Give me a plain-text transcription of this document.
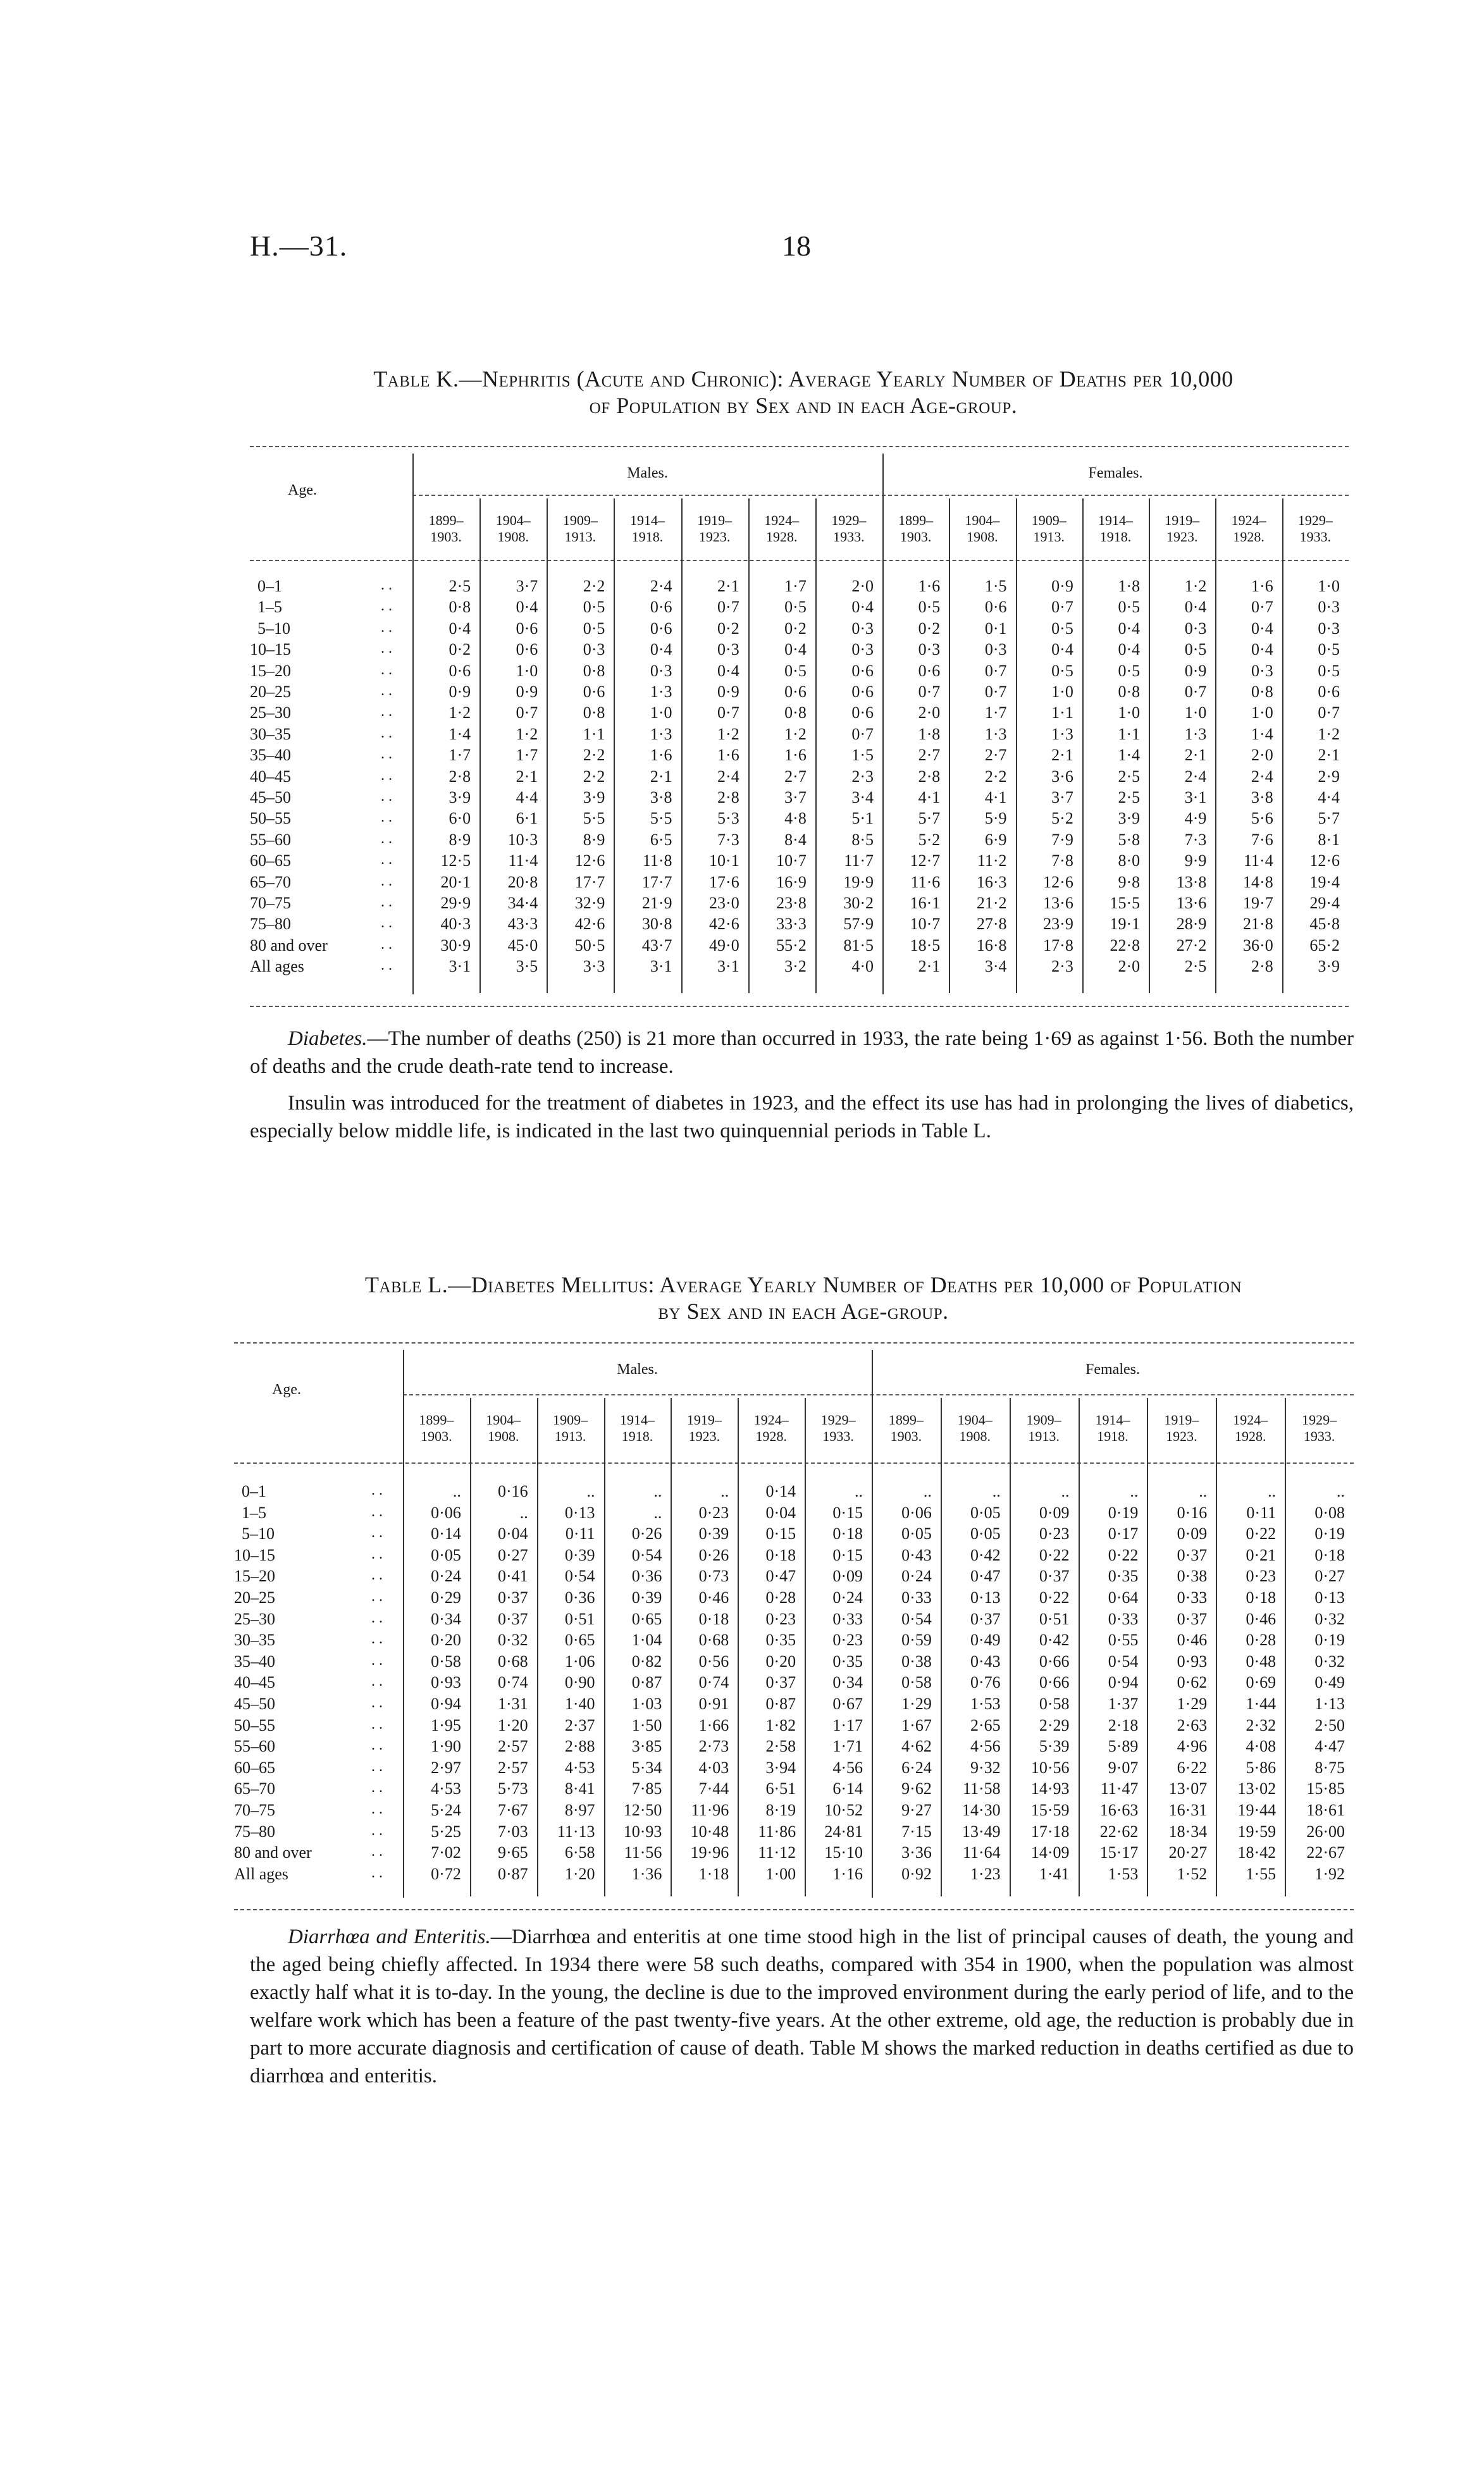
H.—31.	18
Table K.—Nephritis (Acute and Chronic): Average Yearly Number of Deaths per 10,000
of Population by Sex and in each Age-group.
Age.
Males.	Females.
1899–
1903.
1904–
1908.
1909–
1913.
1914–
1918.
1919–
1923.
1924–
1928.
1929–
1933.
1899–
1903.
1904–
1908.
1909–
1913.
1914–
1918.
1919–
1923.
1924–
1928.
1929–
1933.
0–1	. .	2·5	3·7	2·2	2·4	2·1	1·7	2·0	1·6	1·5	0·9	1·8	1·2	1·6	1·0
1–5	. .	0·8	0·4	0·5	0·6	0·7	0·5	0·4	0·5	0·6	0·7	0·5	0·4	0·7	0·3
5–10	. .	0·4	0·6	0·5	0·6	0·2	0·2	0·3	0·2	0·1	0·5	0·4	0·3	0·4	0·3
10–15	. .	0·2	0·6	0·3	0·4	0·3	0·4	0·3	0·3	0·3	0·4	0·4	0·5	0·4	0·5
15–20	. .	0·6	1·0	0·8	0·3	0·4	0·5	0·6	0·6	0·7	0·5	0·5	0·9	0·3	0·5
20–25	. .	0·9	0·9	0·6	1·3	0·9	0·6	0·6	0·7	0·7	1·0	0·8	0·7	0·8	0·6
25–30	. .	1·2	0·7	0·8	1·0	0·7	0·8	0·6	2·0	1·7	1·1	1·0	1·0	1·0	0·7
30–35	. .	1·4	1·2	1·1	1·3	1·2	1·2	0·7	1·8	1·3	1·3	1·1	1·3	1·4	1·2
35–40	. .	1·7	1·7	2·2	1·6	1·6	1·6	1·5	2·7	2·7	2·1	1·4	2·1	2·0	2·1
40–45	. .	2·8	2·1	2·2	2·1	2·4	2·7	2·3	2·8	2·2	3·6	2·5	2·4	2·4	2·9
45–50	. .	3·9	4·4	3·9	3·8	2·8	3·7	3·4	4·1	4·1	3·7	2·5	3·1	3·8	4·4
50–55	. .	6·0	6·1	5·5	5·5	5·3	4·8	5·1	5·7	5·9	5·2	3·9	4·9	5·6	5·7
55–60	. .	8·9	10·3	8·9	6·5	7·3	8·4	8·5	5·2	6·9	7·9	5·8	7·3	7·6	8·1
60–65	. .	12·5	11·4	12·6	11·8	10·1	10·7	11·7	12·7	11·2	7·8	8·0	9·9	11·4	12·6
65–70	. .	20·1	20·8	17·7	17·7	17·6	16·9	19·9	11·6	16·3	12·6	9·8	13·8	14·8	19·4
70–75	. .	29·9	34·4	32·9	21·9	23·0	23·8	30·2	16·1	21·2	13·6	15·5	13·6	19·7	29·4
75–80	. .	40·3	43·3	42·6	30·8	42·6	33·3	57·9	10·7	27·8	23·9	19·1	28·9	21·8	45·8
80 and over	. .	30·9	45·0	50·5	43·7	49·0	55·2	81·5	18·5	16·8	17·8	22·8	27·2	36·0	65·2
All ages	. .	3·1	3·5	3·3	3·1	3·1	3·2	4·0	2·1	3·4	2·3	2·0	2·5	2·8	3·9

Diabetes.—The number of deaths (250) is 21 more than occurred in 1933, the rate being 1·69 as against 1·56. Both the number of deaths and the crude death-rate tend to increase.

Insulin was introduced for the treatment of diabetes in 1923, and the effect its use has had in prolonging the lives of diabetics, especially below middle life, is indicated in the last two quinquennial periods in Table L.

Table L.—Diabetes Mellitus: Average Yearly Number of Deaths per 10,000 of Population
by Sex and in each Age-group.
Age.
Males.	Females.
1899–
1903.
1904–
1908.
1909–
1913.
1914–
1918.
1919–
1923.
1924–
1928.
1929–
1933.
1899–
1903.
1904–
1908.
1909–
1913.
1914–
1918.
1919–
1923.
1924–
1928.
1929–
1933.
0–1	. .	..	0·16	..	..	..	0·14	..	..	..	..	..	..	..	..
1–5	. .	0·06	..	0·13	..	0·23	0·04	0·15	0·06	0·05	0·09	0·19	0·16	0·11	0·08
5–10	. .	0·14	0·04	0·11	0·26	0·39	0·15	0·18	0·05	0·05	0·23	0·17	0·09	0·22	0·19
10–15	. .	0·05	0·27	0·39	0·54	0·26	0·18	0·15	0·43	0·42	0·22	0·22	0·37	0·21	0·18
15–20	. .	0·24	0·41	0·54	0·36	0·73	0·47	0·09	0·24	0·47	0·37	0·35	0·38	0·23	0·27
20–25	. .	0·29	0·37	0·36	0·39	0·46	0·28	0·24	0·33	0·13	0·22	0·64	0·33	0·18	0·13
25–30	. .	0·34	0·37	0·51	0·65	0·18	0·23	0·33	0·54	0·37	0·51	0·33	0·37	0·46	0·32
30–35	. .	0·20	0·32	0·65	1·04	0·68	0·35	0·23	0·59	0·49	0·42	0·55	0·46	0·28	0·19
35–40	. .	0·58	0·68	1·06	0·82	0·56	0·20	0·35	0·38	0·43	0·66	0·54	0·93	0·48	0·32
40–45	. .	0·93	0·74	0·90	0·87	0·74	0·37	0·34	0·58	0·76	0·66	0·94	0·62	0·69	0·49
45–50	. .	0·94	1·31	1·40	1·03	0·91	0·87	0·67	1·29	1·53	0·58	1·37	1·29	1·44	1·13
50–55	. .	1·95	1·20	2·37	1·50	1·66	1·82	1·17	1·67	2·65	2·29	2·18	2·63	2·32	2·50
55–60	. .	1·90	2·57	2·88	3·85	2·73	2·58	1·71	4·62	4·56	5·39	5·89	4·96	4·08	4·47
60–65	. .	2·97	2·57	4·53	5·34	4·03	3·94	4·56	6·24	9·32	10·56	9·07	6·22	5·86	8·75
65–70	. .	4·53	5·73	8·41	7·85	7·44	6·51	6·14	9·62	11·58	14·93	11·47	13·07	13·02	15·85
70–75	. .	5·24	7·67	8·97	12·50	11·96	8·19	10·52	9·27	14·30	15·59	16·63	16·31	19·44	18·61
75–80	. .	5·25	7·03	11·13	10·93	10·48	11·86	24·81	7·15	13·49	17·18	22·62	18·34	19·59	26·00
80 and over	. .	7·02	9·65	6·58	11·56	19·96	11·12	15·10	3·36	11·64	14·09	15·17	20·27	18·42	22·67
All ages	. .	0·72	0·87	1·20	1·36	1·18	1·00	1·16	0·92	1·23	1·41	1·53	1·52	1·55	1·92

Diarrhœa and Enteritis.—Diarrhœa and enteritis at one time stood high in the list of principal causes of death, the young and the aged being chiefly affected. In 1934 there were 58 such deaths, compared with 354 in 1900, when the population was almost exactly half what it is to-day. In the young, the decline is due to the improved environment during the early period of life, and to the welfare work which has been a feature of the past twenty-five years. At the other extreme, old age, the reduction is probably due in part to more accurate diagnosis and certification of cause of death. Table M shows the marked reduction in deaths certified as due to diarrhœa and enteritis.
